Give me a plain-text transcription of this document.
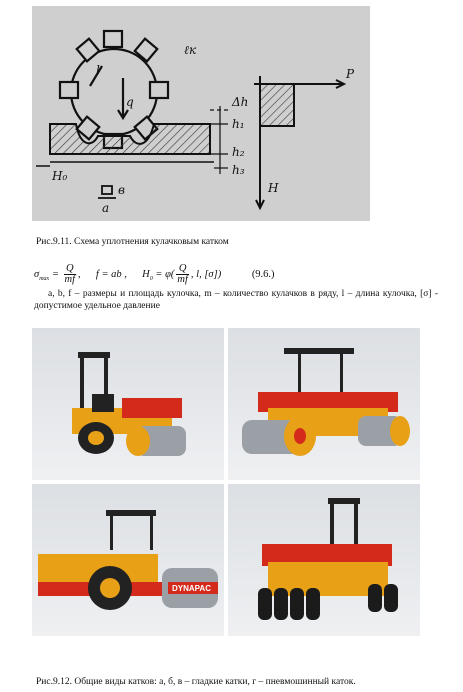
l
q
ℓк
P
Δh
h₁
h₂
h₃
H₀
H
в
а
Рис.9.11. Схема уплотнения кулачковым катком
$\sigma_{max} = \frac{Q}{mf}$ , f = ab , $H_0 = \varphi( \frac{Q}{mf}$ , l, [σ])	(9.6.)
а, b, f – размеры и площадь кулочка, m – количество кулачков в ряду, l – длина кулочка, [σ] - допустимое удельное давление
DYNAPAC
Рис.9.12. Общие виды катков: а, б, в – гладкие катки, г – пневмошинный каток.
